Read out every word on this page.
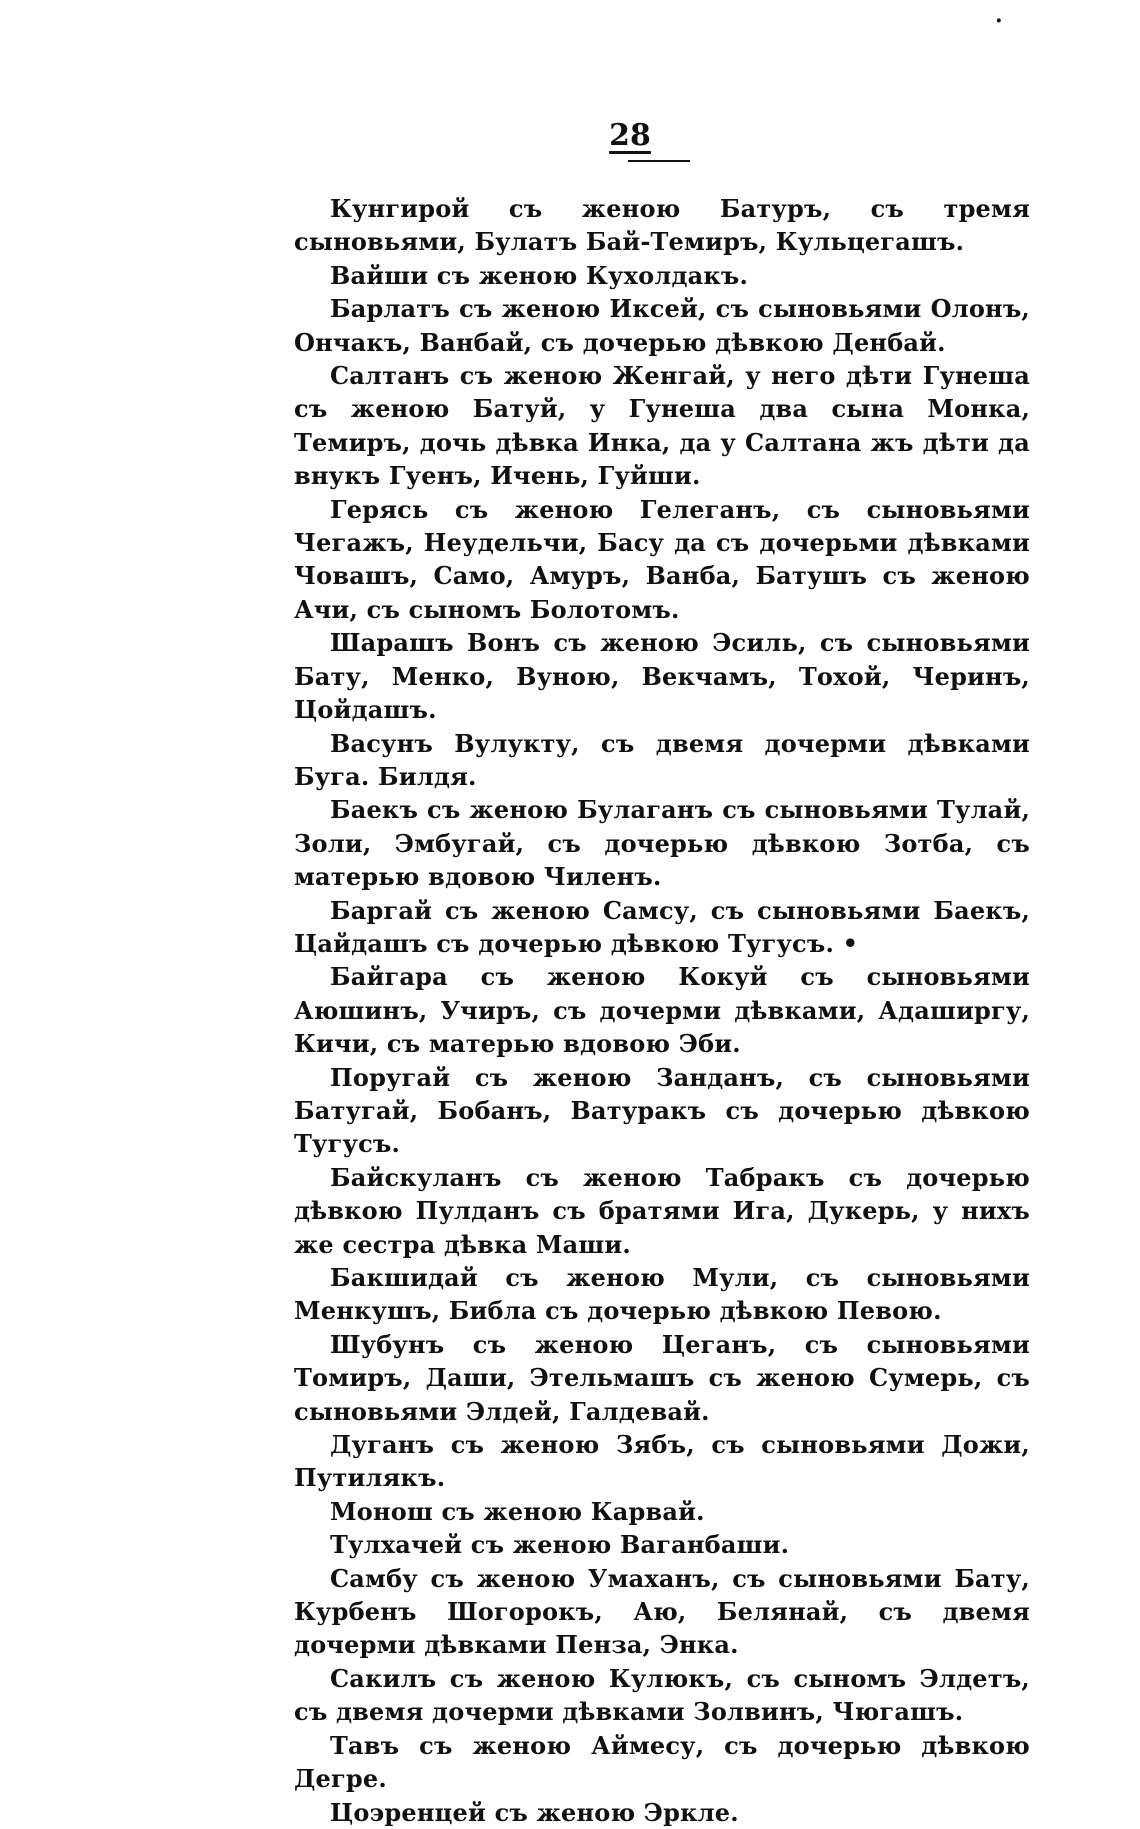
·
28

Кунгирой съ женою Батуръ, съ тремя сыновьями, Булатъ Бай-Темиръ, Кульцегашъ.

Вайши съ женою Кухолдакъ.

Барлатъ съ женою Иксей, съ сыновьями Олонъ, Ончакъ, Ванбай, съ дочерью дѣвкою Денбай.

Салтанъ съ женою Женгай, у него дѣти Гунеша съ женою Батуй, у Гунеша два сына Монка, Темиръ, дочь дѣвка Инка, да у Салтана жъ дѣти да внукъ Гуенъ, Ичень, Гуйши.

Герясь съ женою Гелеганъ, съ сыновьями Чегажъ, Неудельчи, Басу да съ дочерьми дѣвками Човашъ, Само, Амуръ, Ванба, Батушъ съ женою Ачи, съ сыномъ Болотомъ.

Шарашъ Вонъ съ женою Эсиль, съ сыновьями Бату, Менко, Вуною, Векчамъ, Тохой, Черинъ, Цойдашъ.

Васунъ Вулукту, съ двемя дочерми дѣвками Буга. Билдя.

Баекъ съ женою Булаганъ съ сыновьями Тулай, Золи, Эмбугай, съ дочерью дѣвкою Зотба, съ матерью вдовою Чиленъ.

Баргай съ женою Самсу, съ сыновьями Баекъ, Цайдашъ съ дочерью дѣвкою Тугусъ. •

Байгара съ женою Кокуй съ сыновьями Аюшинъ, Учиръ, съ дочерми дѣвками, Адаширгу, Кичи, съ матерью вдовою Эби.

Поругай съ женою Занданъ, съ сыновьями Батугай, Бобанъ, Ватуракъ съ дочерью дѣвкою Тугусъ.

Байскуланъ съ женою Табракъ съ дочерью дѣвкою Пулданъ съ братями Ига, Дукерь, у нихъ же сестра дѣвка Маши.

Бакшидай съ женою Мули, съ сыновьями Менкушъ, Библа съ дочерью дѣвкою Певою.

Шубунъ съ женою Цеганъ, съ сыновьями Томиръ, Даши, Этельмашъ съ женою Сумерь, съ сыновьями Элдей, Галдевай.

Дуганъ съ женою Зябъ, съ сыновьями Дожи, Путилякъ.

Монош съ женою Карвай.

Тулхачей съ женою Ваганбаши.

Самбу съ женою Умаханъ, съ сыновьями Бату, Курбенъ Шогорокъ, Аю, Белянай, съ двемя дочерми дѣвками Пенза, Энка.

Сакилъ съ женою Кулюкъ, съ сыномъ Элдетъ, съ двемя дочерми дѣвками Золвинъ, Чюгашъ.

Тавъ съ женою Аймесу, съ дочерью дѣвкою Дегре.

Цоэренцей съ женою Эркле.
